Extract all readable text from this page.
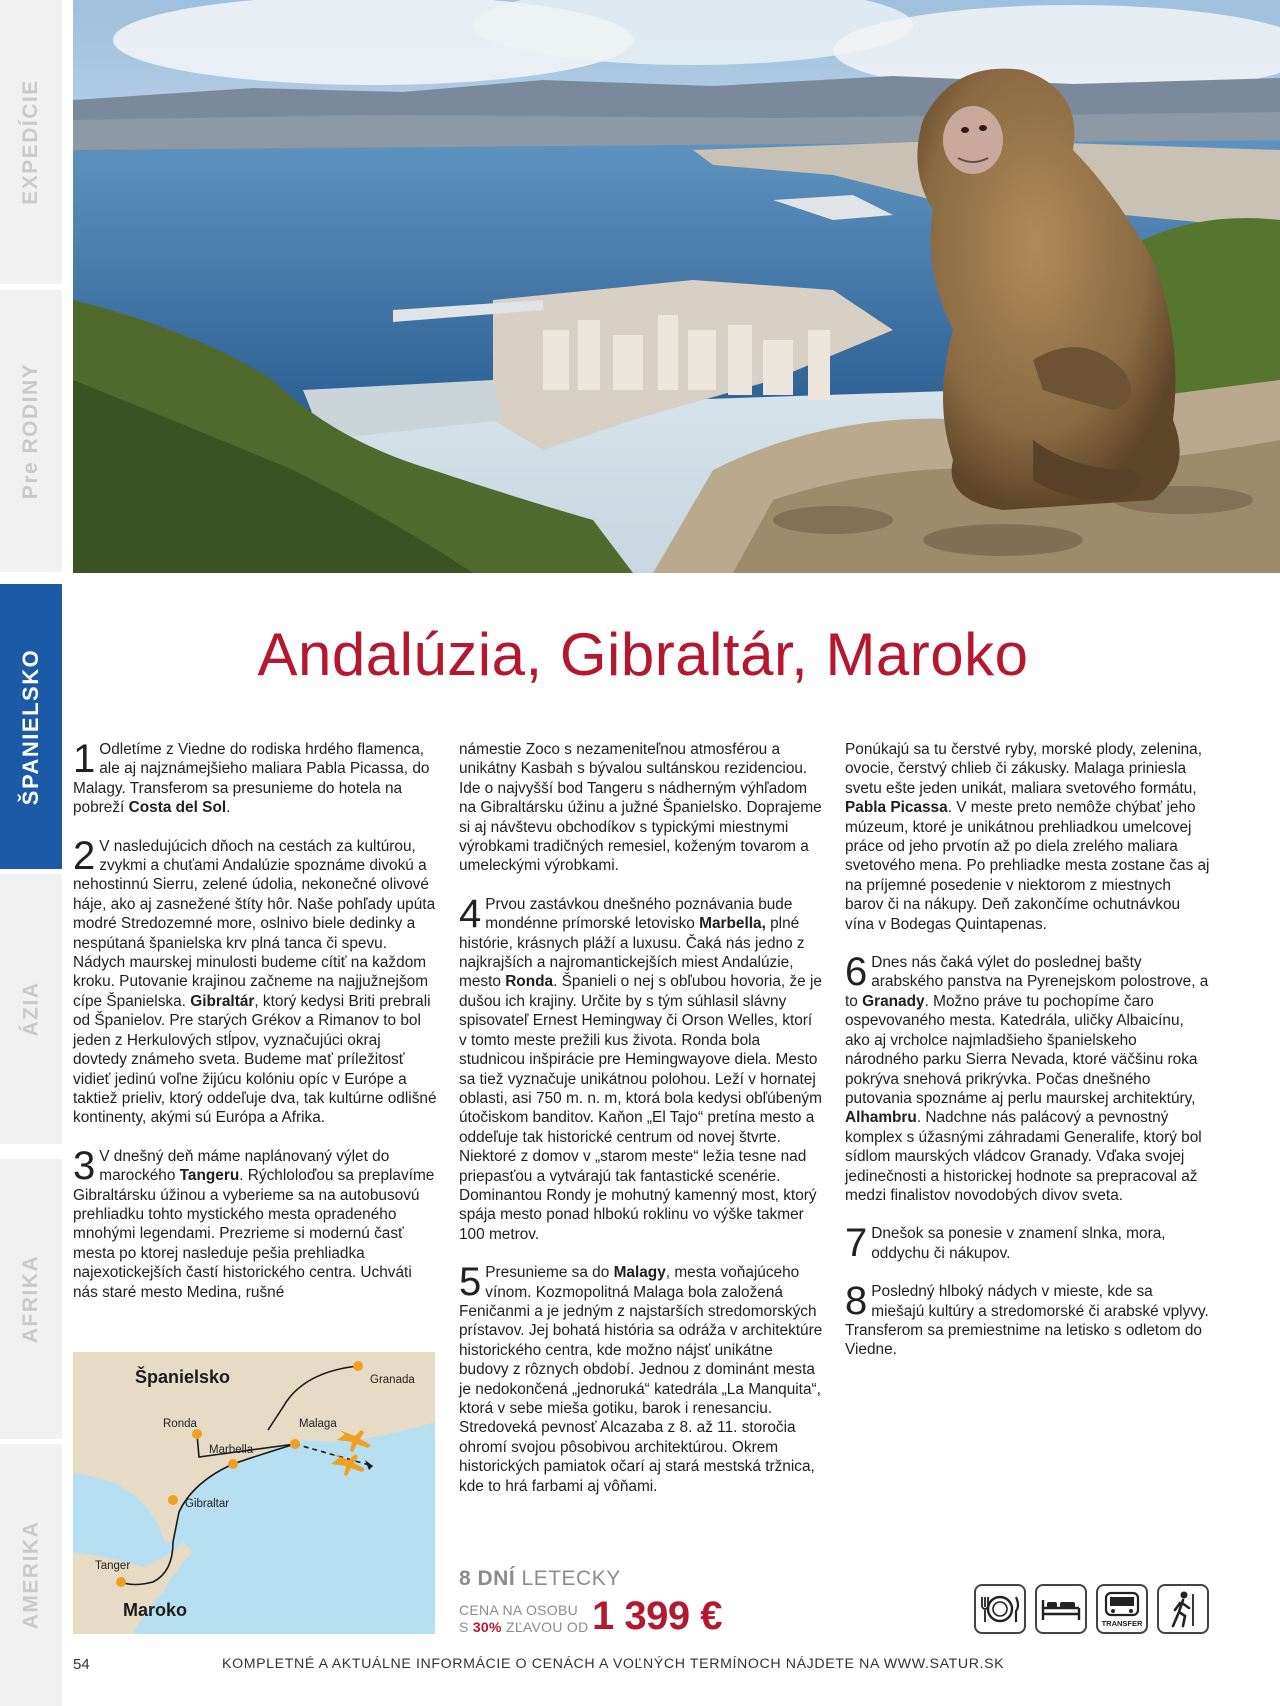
EXPEDÍCIE
Pre RODINY
ŠPANIELSKO
ÁZIA
AFRIKA
AMERIKA
Andalúzia, Gibraltár, Maroko
1 Odletíme z Viedne do rodiska hrdého flamenca, ale aj najznámejšieho maliara Pabla Picassa, do Malagy. Transferom sa presunieme do hotela na pobreží Costa del Sol.
2 V nasledujúcich dňoch na cestách za kultúrou, zvykmi a chuťami Andalúzie spoznáme divokú a nehostinnú Sierru, zelené údolia, nekonečné olivové háje, ako aj zasnežené štíty hôr. Naše pohľady upúta modré Stredozemné more, oslnivo biele dedinky a nespútaná španielska krv plná tanca či spevu. Nádych maurskej minulosti budeme cítiť na každom kroku. Putovanie krajinou začneme na najjužnejšom cípe Španielska. Gibraltár, ktorý kedysi Briti prebrali od Španielov. Pre starých Grékov a Rimanov to bol jeden z Herkulových stĺpov, vyznačujúci okraj dovtedy známeho sveta. Budeme mať príležitosť vidieť jedinú voľne žijúcu kolóniu opíc v Európe a taktiež prieliv, ktorý oddeľuje dva, tak kultúrne odlišné kontinenty, akými sú Európa a Afrika.
3 V dnešný deň máme naplánovaný výlet do marockého Tangeru. Rýchloloďou sa preplavíme Gibraltársku úžinou a vyberieme sa na autobusovú prehliadku tohto mystického mesta opradeného mnohými legendami. Prezrieme si modernú časť mesta po ktorej nasleduje pešia prehliadka najexotickejších častí historického centra. Uchváti nás staré mesto Medina, rušné
Španielsko
Maroko
Granada
Ronda	Malaga
Marbella
Gibraltar
Tanger
námestie Zoco s nezameniteľnou atmosférou a unikátny Kasbah s bývalou sultánskou rezidenciou. Ide o najvyšší bod Tangeru s nádherným výhľadom na Gibraltársku úžinu a južné Španielsko. Doprajeme si aj návštevu obchodíkov s typickými miestnymi výrobkami tradičných remesiel, koženým tovarom a umeleckými výrobkami.
4 Prvou zastávkou dnešného poznávania bude mondénne prímorské letovisko Marbella, plné histórie, krásnych pláží a luxusu. Čaká nás jedno z najkrajších a najromantickejších miest Andalúzie, mesto Ronda. Španieli o nej s obľubou hovoria, že je dušou ich krajiny. Určite by s tým súhlasil slávny spisovateľ Ernest Hemingway či Orson Welles, ktorí v tomto meste prežili kus života. Ronda bola studnicou inšpirácie pre Hemingwayove diela. Mesto sa tiež vyznačuje unikátnou polohou. Leží v hornatej oblasti, asi 750 m. n. m, ktorá bola kedysi obľúbeným útočiskom banditov. Kaňon „El Tajo“ pretína mesto a oddeľuje tak historické centrum od novej štvrte. Niektoré z domov v „starom meste“ ležia tesne nad priepasťou a vytvárajú tak fantastické scenérie. Dominantou Rondy je mohutný kamenný most, ktorý spája mesto ponad hlbokú roklinu vo výške takmer 100 metrov.
5 Presunieme sa do Malagy, mesta voňajúceho vínom. Kozmopolitná Malaga bola založená Feničanmi a je jedným z najstarších stredomorských prístavov. Jej bohatá história sa odráža v architektúre historického centra, kde možno nájsť unikátne budovy z rôznych období. Jednou z dominánt mesta je nedokončená „jednoruká“ katedrála „La Manquita“, ktorá v sebe mieša gotiku, barok i renesanciu. Stredoveká pevnosť Alcazaba z 8. až 11. storočia ohromí svojou pôsobivou architektúrou. Okrem historických pamiatok očarí aj stará mestská tržnica, kde to hrá farbami aj vôňami.
Ponúkajú sa tu čerstvé ryby, morské plody, zelenina, ovocie, čerstvý chlieb či zákusky. Malaga priniesla svetu ešte jeden unikát, maliara svetového formátu, Pabla Picassa. V meste preto nemôže chýbať jeho múzeum, ktoré je unikátnou prehliadkou umelcovej práce od jeho prvotín až po diela zrelého maliara svetového mena. Po prehliadke mesta zostane čas aj na príjemné posedenie v niektorom z miestnych barov či na nákupy. Deň zakončíme ochutnávkou vína v Bodegas Quintapenas.
6 Dnes nás čaká výlet do poslednej bašty arabského panstva na Pyrenejskom polostrove, a to Granady. Možno práve tu pochopíme čaro ospevovaného mesta. Katedrála, uličky Albaicínu, ako aj vrcholce najmladšieho španielskeho národného parku Sierra Nevada, ktoré väčšinu roka pokrýva snehová prikrývka. Počas dnešného putovania spoznáme aj perlu maurskej architektúry, Alhambru. Nadchne nás palácový a pevnostný komplex s úžasnými záhradami Generalife, ktorý bol sídlom maurských vládcov Granady. Vďaka svojej jedinečnosti a historickej hodnote sa prepracoval až medzi finalistov novodobých divov sveta.
7 Dnešok sa ponesie v znamení slnka, mora, oddychu či nákupov.
8 Posledný hlboký nádych v mieste, kde sa miešajú kultúry a stredomorské či arabské vplyvy. Transferom sa premiestnime na letisko s odletom do Viedne.
8 DNÍ LETECKY
CENA NA OSOBU
S 30% ZĽAVOU OD 1 399 €	TRANSFER
54	KOMPLETNÉ A AKTUÁLNE INFORMÁCIE O CENÁCH A VOĽNÝCH TERMÍNOCH NÁJDETE NA WWW.SATUR.SK
